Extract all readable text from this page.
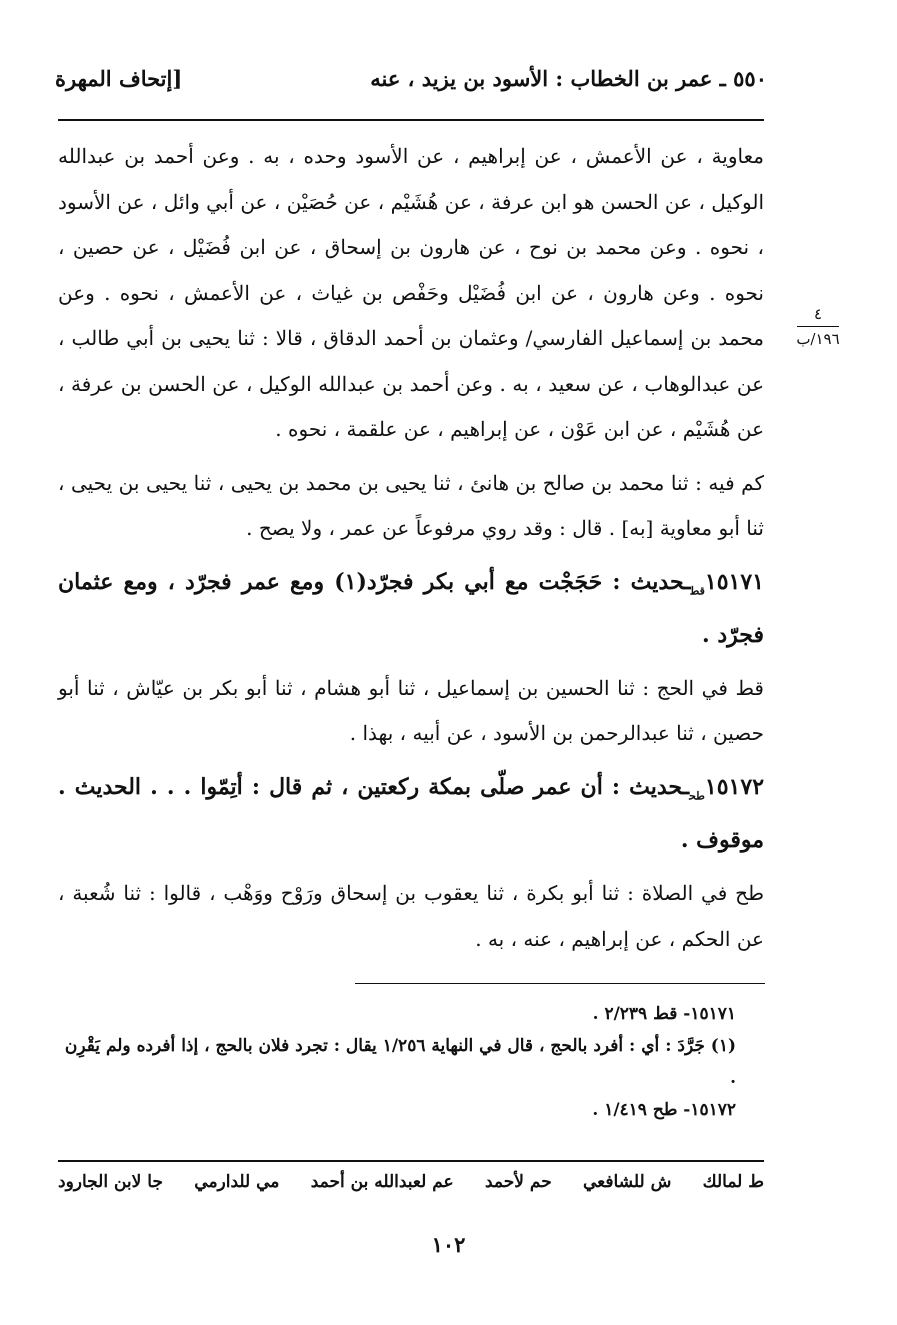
٥٥٠ ـ عمر بن الخطاب : الأسود بن يزيد ، عنه
[إتحاف المهرة
٤
١٩٦/ب

معاوية ، عن الأعمش ، عن إبراهيم ، عن الأسود وحده ، به . وعن أحمد بن عبدالله الوكيل ، عن الحسن هو ابن عرفة ، عن هُشَيْم ، عن حُصَيْن ، عن أبي وائل ، عن الأسود ، نحوه . وعن محمد بن نوح ، عن هارون بن إسحاق ، عن ابن فُضَيْل ، عن حصين ، نحوه . وعن هارون ، عن ابن فُضَيْل وحَفْص بن غياث ، عن الأعمش ، نحوه . وعن محمد بن إسماعيل الفارسي/ وعثمان بن أحمد الدقاق ، قالا : ثنا يحيى بن أبي طالب ، عن عبدالوهاب ، عن سعيد ، به . وعن أحمد بن عبدالله الوكيل ، عن الحسن بن عرفة ، عن هُشَيْم ، عن ابن عَوْن ، عن إبراهيم ، عن علقمة ، نحوه .

كم فيه : ثنا محمد بن صالح بن هانئ ، ثنا يحيى بن محمد بن يحيى ، ثنا يحيى بن يحيى ، ثنا أبو معاوية [به] . قال : وقد روي مرفوعاً عن عمر ، ولا يصح .

$١٥١٧١_{قط}ـحديث$ : حَجَجْت مع أبي بكر فجرّد(١) ومع عمر فجرّد ، ومع عثمان فجرّد .

قط في الحج : ثنا الحسين بن إسماعيل ، ثنا أبو هشام ، ثنا أبو بكر بن عيّاش ، ثنا أبو حصين ، ثنا عبدالرحمن بن الأسود ، عن أبيه ، بهذا .

$١٥١٧٢_{طح}ـحديث$ : أن عمر صلّى بمكة ركعتين ، ثم قال : أتِمّوا . . . الحديث . موقوف .

طح في الصلاة : ثنا أبو بكرة ، ثنا يعقوب بن إسحاق ورَوْح ووَهْب ، قالوا : ثنا شُعبة ، عن الحكم ، عن إبراهيم ، عنه ، به .

١٥١٧١- قط ٢/٢٣٩ .

(١) جَرَّدَ : أي : أفرد بالحج ، قال في النهاية ١/٢٥٦ يقال : تجرد فلان بالحج ، إذا أفرده ولم يَقْرِن .

١٥١٧٢- طح ١/٤١٩ .

ط لمالك
ش للشافعي
حم لأحمد
عم لعبدالله بن أحمد
مي للدارمي
جا لابن الجارود
١٠٢
